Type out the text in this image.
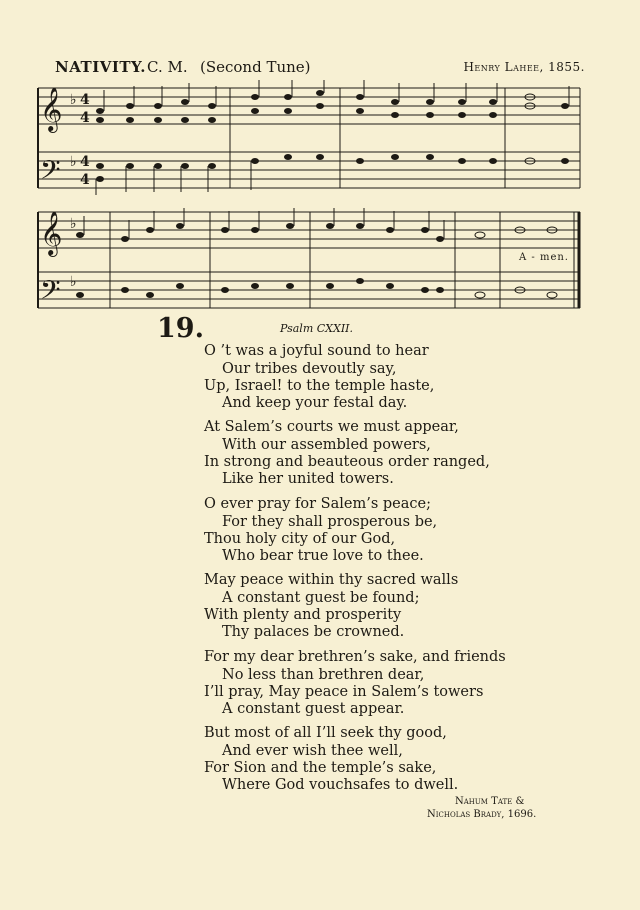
NATIVITY. C. M. (Second Tune)	Henry Lahee, 1855.
𝄞
𝄢
𝄞
𝄢
♭
♭
♭
♭
4
4
4
4
A - men.
19.	Psalm CXXII.
O ’t was a joyful sound to hear
Our tribes devoutly say,
Up, Israel! to the temple haste,
And keep your festal day.
At Salem’s courts we must appear,
With our assembled powers,
In strong and beauteous order ranged,
Like her united towers.
O ever pray for Salem’s peace;
For they shall prosperous be,
Thou holy city of our God,
Who bear true love to thee.
May peace within thy sacred walls
A constant guest be found;
With plenty and prosperity
Thy palaces be crowned.
For my dear brethren’s sake, and friends
No less than brethren dear,
I’ll pray, May peace in Salem’s towers
A constant guest appear.
But most of all I’ll seek thy good,
And ever wish thee well,
For Sion and the temple’s sake,
Where God vouchsafes to dwell.
Nahum Tate &
Nicholas Brady, 1696.
